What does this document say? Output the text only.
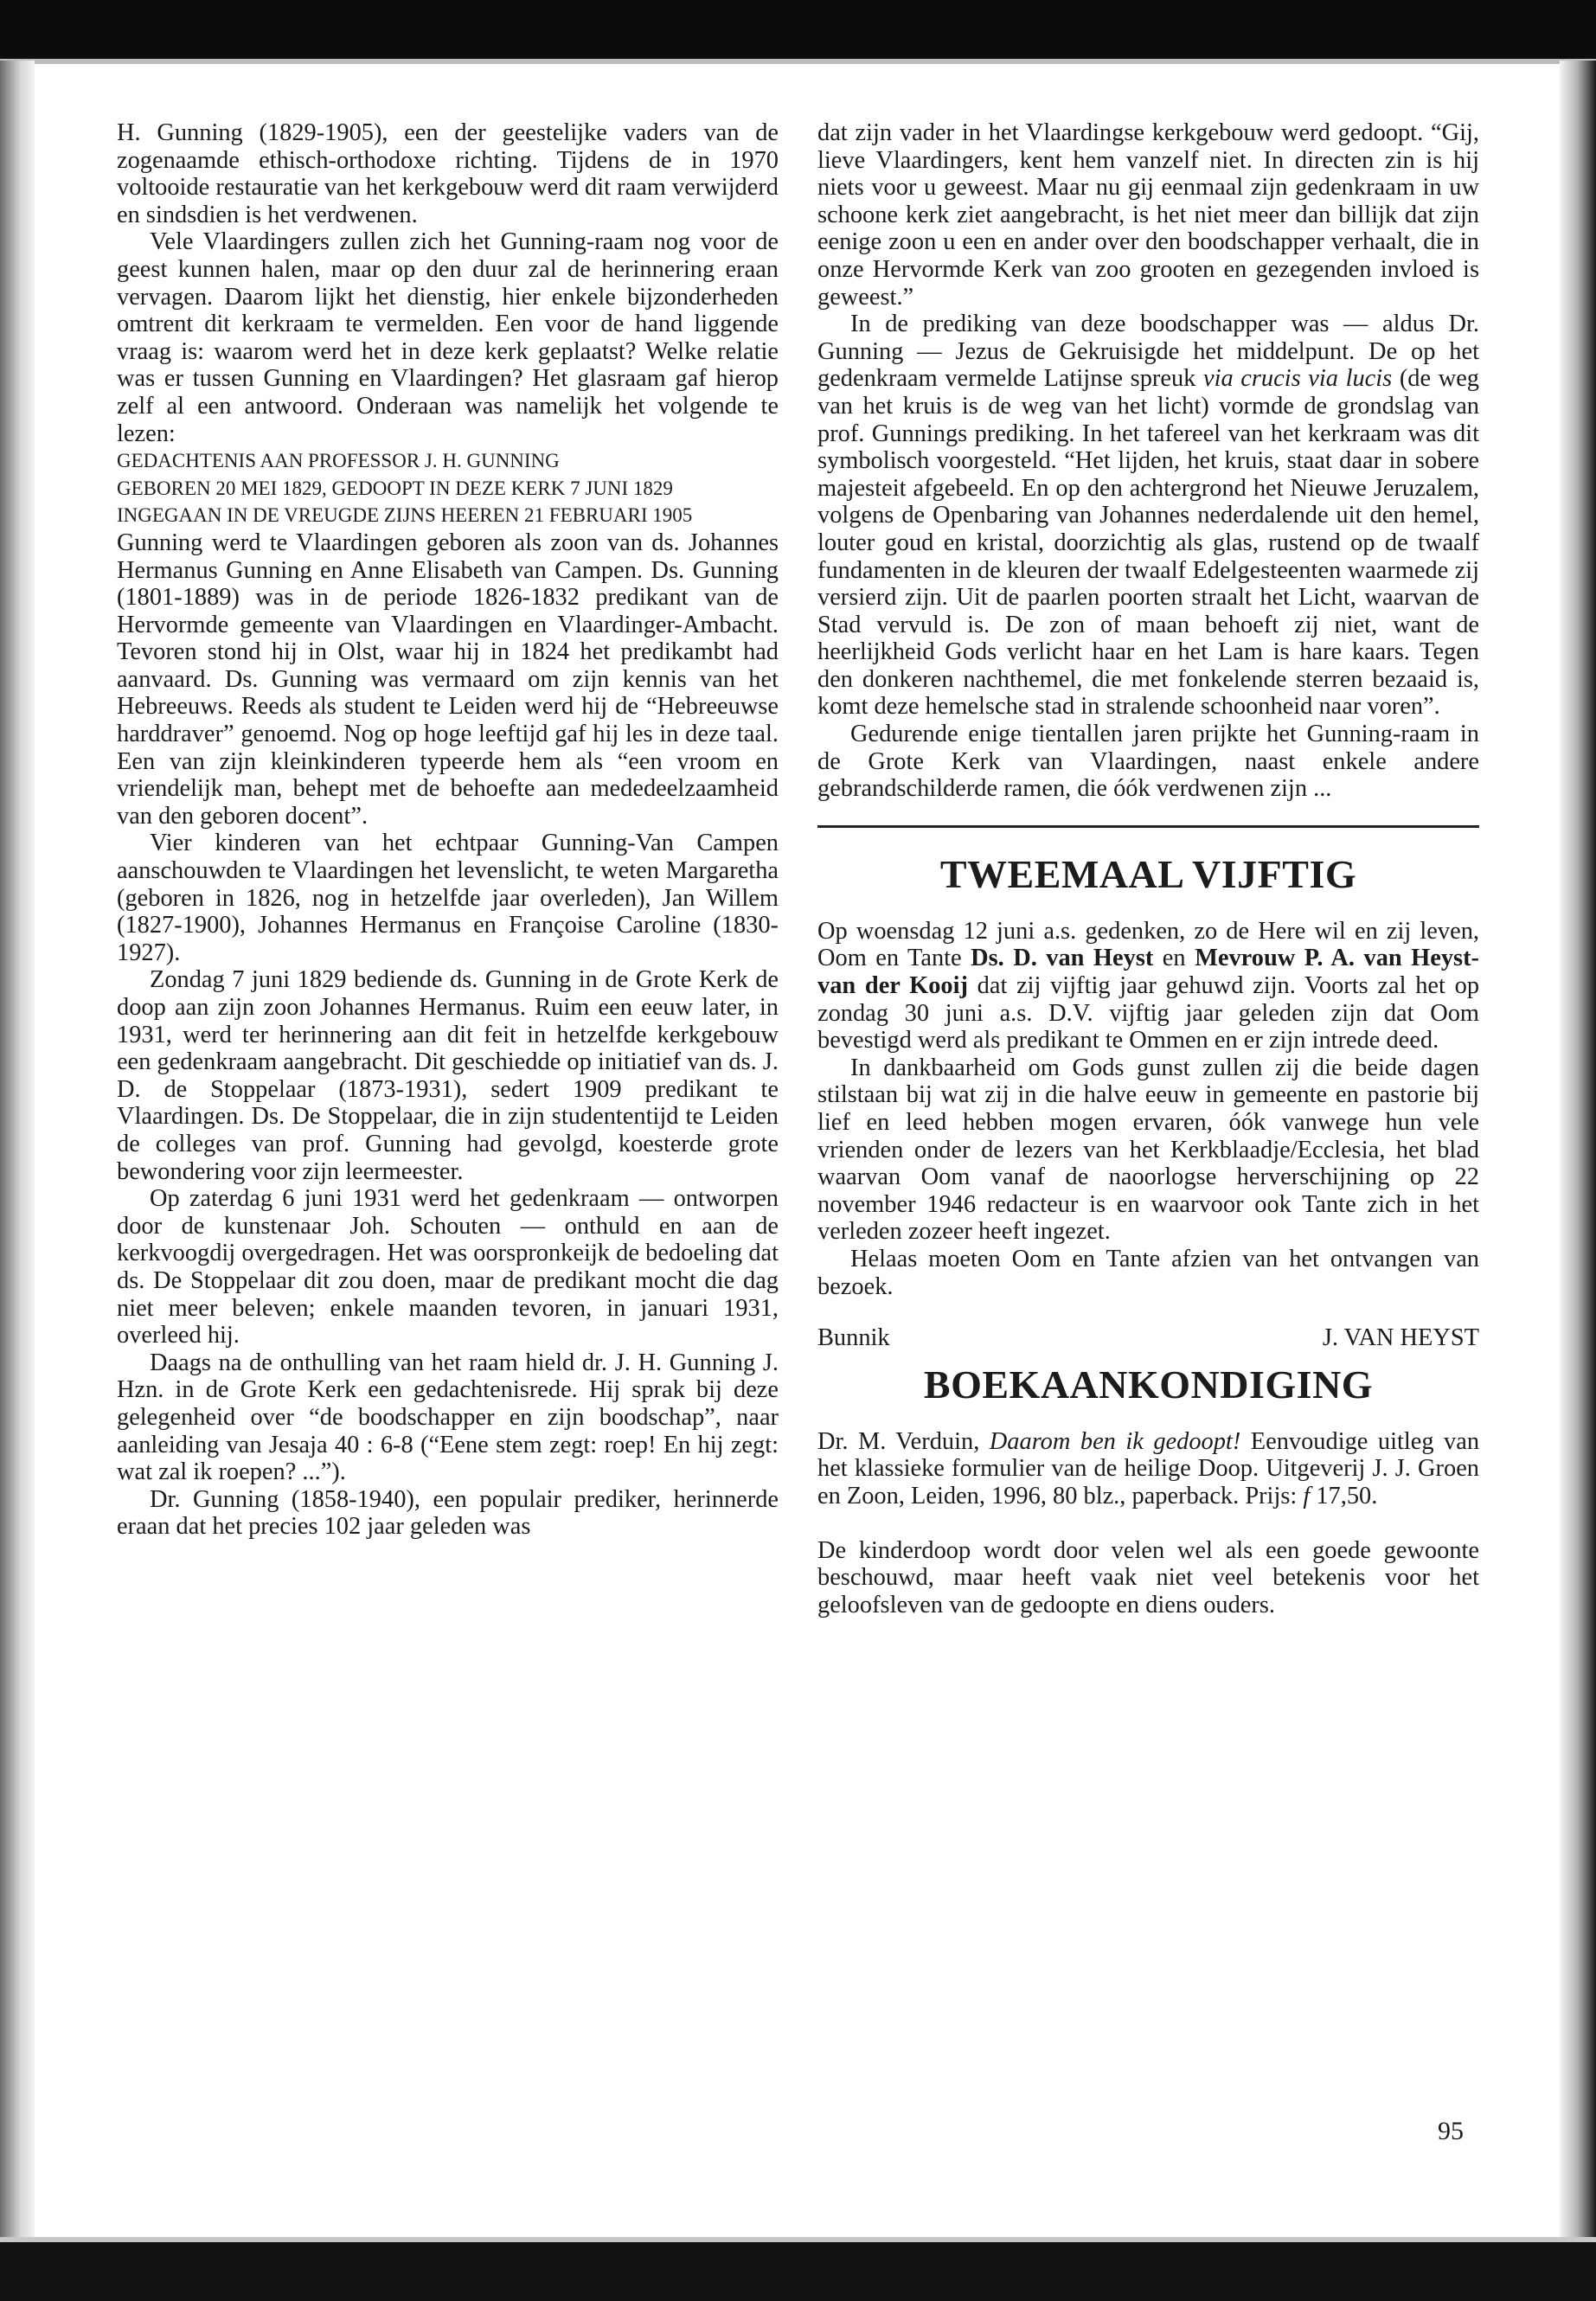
H. Gunning (1829-1905), een der geestelijke vaders van de zogenaamde ethisch-orthodoxe richting. Tijdens de in 1970 voltooide restauratie van het kerkgebouw werd dit raam verwijderd en sindsdien is het verdwenen.

Vele Vlaardingers zullen zich het Gunning-raam nog voor de geest kunnen halen, maar op den duur zal de herinnering eraan vervagen. Daarom lijkt het dienstig, hier enkele bijzonderheden omtrent dit kerkraam te vermelden. Een voor de hand liggende vraag is: waarom werd het in deze kerk geplaatst? Welke relatie was er tussen Gunning en Vlaardingen? Het glasraam gaf hierop zelf al een antwoord. Onderaan was namelijk het volgende te lezen:

GEDACHTENIS AAN PROFESSOR J. H. GUNNING

GEBOREN 20 MEI 1829, GEDOOPT IN DEZE KERK 7 JUNI 1829

INGEGAAN IN DE VREUGDE ZIJNS HEEREN 21 FEBRUARI 1905

Gunning werd te Vlaardingen geboren als zoon van ds. Johannes Hermanus Gunning en Anne Elisabeth van Campen. Ds. Gunning (1801-1889) was in de periode 1826-1832 predikant van de Hervormde gemeente van Vlaardingen en Vlaardinger-Ambacht. Tevoren stond hij in Olst, waar hij in 1824 het predikambt had aanvaard. Ds. Gunning was vermaard om zijn kennis van het Hebreeuws. Reeds als student te Leiden werd hij de “Hebreeuwse harddraver” genoemd. Nog op hoge leeftijd gaf hij les in deze taal. Een van zijn kleinkinderen typeerde hem als “een vroom en vriendelijk man, behept met de behoefte aan mededeelzaamheid van den geboren docent”.

Vier kinderen van het echtpaar Gunning-Van Campen aanschouwden te Vlaardingen het levenslicht, te weten Margaretha (geboren in 1826, nog in hetzelfde jaar overleden), Jan Willem (1827-1900), Johannes Hermanus en Françoise Caroline (1830-1927).

Zondag 7 juni 1829 bediende ds. Gunning in de Grote Kerk de doop aan zijn zoon Johannes Hermanus. Ruim een eeuw later, in 1931, werd ter herinnering aan dit feit in hetzelfde kerkgebouw een gedenkraam aangebracht. Dit geschiedde op initiatief van ds. J. D. de Stoppelaar (1873-1931), sedert 1909 predikant te Vlaardingen. Ds. De Stoppelaar, die in zijn studententijd te Leiden de colleges van prof. Gunning had gevolgd, koesterde grote bewondering voor zijn leermeester.

Op zaterdag 6 juni 1931 werd het gedenkraam — ontworpen door de kunstenaar Joh. Schouten — onthuld en aan de kerkvoogdij overgedragen. Het was oorspronkeijk de bedoeling dat ds. De Stoppelaar dit zou doen, maar de predikant mocht die dag niet meer beleven; enkele maanden tevoren, in januari 1931, overleed hij.

Daags na de onthulling van het raam hield dr. J. H. Gunning J. Hzn. in de Grote Kerk een gedachtenisrede. Hij sprak bij deze gelegenheid over “de boodschapper en zijn boodschap”, naar aanleiding van Jesaja 40 : 6-8 (“Eene stem zegt: roep! En hij zegt: wat zal ik roepen? ...”).

Dr. Gunning (1858-1940), een populair prediker, herinnerde eraan dat het precies 102 jaar geleden was

dat zijn vader in het Vlaardingse kerkgebouw werd gedoopt. “Gij, lieve Vlaardingers, kent hem vanzelf niet. In directen zin is hij niets voor u geweest. Maar nu gij eenmaal zijn gedenkraam in uw schoone kerk ziet aangebracht, is het niet meer dan billijk dat zijn eenige zoon u een en ander over den boodschapper verhaalt, die in onze Hervormde Kerk van zoo grooten en gezegenden invloed is geweest.”

In de prediking van deze boodschapper was — aldus Dr. Gunning — Jezus de Gekruisigde het middelpunt. De op het gedenkraam vermelde Latijnse spreuk via crucis via lucis (de weg van het kruis is de weg van het licht) vormde de grondslag van prof. Gunnings prediking. In het tafereel van het kerkraam was dit symbolisch voorgesteld. “Het lijden, het kruis, staat daar in sobere majesteit afgebeeld. En op den achtergrond het Nieuwe Jeruzalem, volgens de Openbaring van Johannes nederdalende uit den hemel, louter goud en kristal, doorzichtig als glas, rustend op de twaalf fundamenten in de kleuren der twaalf Edelgesteenten waarmede zij versierd zijn. Uit de paarlen poorten straalt het Licht, waarvan de Stad vervuld is. De zon of maan behoeft zij niet, want de heerlijkheid Gods verlicht haar en het Lam is hare kaars. Tegen den donkeren nachthemel, die met fonkelende sterren bezaaid is, komt deze hemelsche stad in stralende schoonheid naar voren”.

Gedurende enige tientallen jaren prijkte het Gunning-raam in de Grote Kerk van Vlaardingen, naast enkele andere gebrandschilderde ramen, die óók verdwenen zijn ...

TWEEMAAL VIJFTIG

Op woensdag 12 juni a.s. gedenken, zo de Here wil en zij leven, Oom en Tante Ds. D. van Heyst en Mevrouw P. A. van Heyst-van der Kooij dat zij vijftig jaar gehuwd zijn. Voorts zal het op zondag 30 juni a.s. D.V. vijftig jaar geleden zijn dat Oom bevestigd werd als predikant te Ommen en er zijn intrede deed.

In dankbaarheid om Gods gunst zullen zij die beide dagen stilstaan bij wat zij in die halve eeuw in gemeente en pastorie bij lief en leed hebben mogen ervaren, óók vanwege hun vele vrienden onder de lezers van het Kerkblaadje/Ecclesia, het blad waarvan Oom vanaf de naoorlogse herverschijning op 22 november 1946 redacteur is en waarvoor ook Tante zich in het verleden zozeer heeft ingezet.

Helaas moeten Oom en Tante afzien van het ontvangen van bezoek.

Bunnik	J. VAN HEYST

BOEKAANKONDIGING

Dr. M. Verduin, Daarom ben ik gedoopt! Eenvoudige uitleg van het klassieke formulier van de heilige Doop. Uitgeverij J. J. Groen en Zoon, Leiden, 1996, 80 blz., paperback. Prijs: f 17,50.

De kinderdoop wordt door velen wel als een goede gewoonte beschouwd, maar heeft vaak niet veel betekenis voor het geloofsleven van de gedoopte en diens ouders.

95
